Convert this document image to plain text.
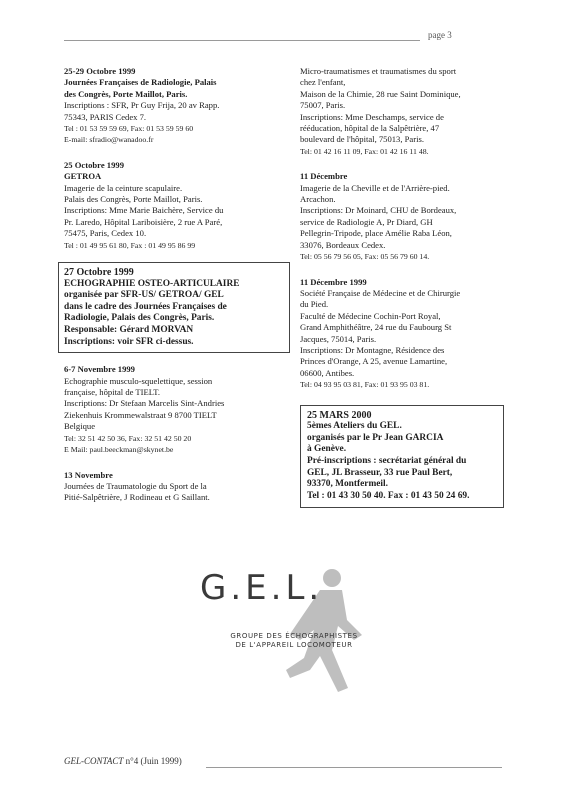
page 3

25-29 Octobre 1999

Journées Françaises de Radiologie, Palais

des Congrès, Porte Maillot, Paris.

Inscriptions : SFR, Pr Guy Frija, 20 av Rapp.

75343, PARIS Cedex 7.

Tel : 01 53 59 59 69, Fax: 01 53 59 59 60

E-mail: sfradio@wanadoo.fr

25 Octobre 1999

GETROA

Imagerie de la ceinture scapulaire.

Palais des Congrès, Porte Maillot, Paris.

Inscriptions: Mme Marie Baichère, Service du

Pr. Laredo, Hôpital Lariboisière, 2 rue A Paré,

75475, Paris, Cedex 10.

Tel : 01 49 95 61 80, Fax : 01 49 95 86 99

27 Octobre 1999

ECHOGRAPHIE OSTEO-ARTICULAIRE

organisée par SFR-US/ GETROA/ GEL

dans le cadre des Journées Françaises de

Radiologie, Palais des Congrès, Paris.

Responsable: Gérard MORVAN

Inscriptions: voir SFR ci-dessus.

6-7 Novembre 1999

Echographie musculo-squelettique, session

française, hôpital de TIELT.

Inscriptions: Dr Stefaan Marcelis Sint-Andries

Ziekenhuis Krommewalstraat 9 8700 TIELT

Belgique

Tel: 32 51 42 50 36, Fax: 32 51 42 50 20

E Mail: paul.beeckman@skynet.be

13 Novembre

Journées de Traumatologie du Sport de la

Pitié-Salpêtrière, J Rodineau et G Saillant.

Micro-traumatismes et traumatismes du sport

chez l'enfant,

Maison de la Chimie, 28 rue Saint Dominique,

75007, Paris.

Inscriptions: Mme Deschamps, service de

rééducation, hôpital de la Salpêtrière, 47

boulevard de l'hôpital, 75013, Paris.

Tel: 01 42 16 11 09, Fax: 01 42 16 11 48.

11 Décembre

Imagerie de la Cheville et de l'Arrière-pied.

Arcachon.

Inscriptions: Dr Moinard, CHU de Bordeaux,

service de Radiologie A, Pr Diard, GH

Pellegrin-Tripode, place Amélie Raba Léon,

33076, Bordeaux Cedex.

Tel: 05 56 79 56 05, Fax: 05 56 79 60 14.

11 Décembre 1999

Société Française de Médecine et de Chirurgie

du Pied.

Faculté de Médecine Cochin-Port Royal,

Grand Amphithéâtre, 24 rue du Faubourg St

Jacques, 75014, Paris.

Inscriptions: Dr Montagne, Résidence des

Princes d'Orange, A 25, avenue Lamartine,

06600, Antibes.

Tel: 04 93 95 03 81, Fax: 01 93 95 03 81.

25 MARS 2000

5èmes Ateliers du GEL.

organisés par le Pr Jean GARCIA

à Genève.

Pré-inscriptions : secrétariat général du

GEL, JL Brasseur, 33 rue Paul Bert,

93370, Montfermeil.

Tel : 01 43 30 50 40. Fax : 01 43 50 24 69.

G.E.L.
GROUPE DES ÉCHOGRAPHISTES
DE L'APPAREIL LOCOMOTEUR
GEL-CONTACT n°4 (Juin 1999)
